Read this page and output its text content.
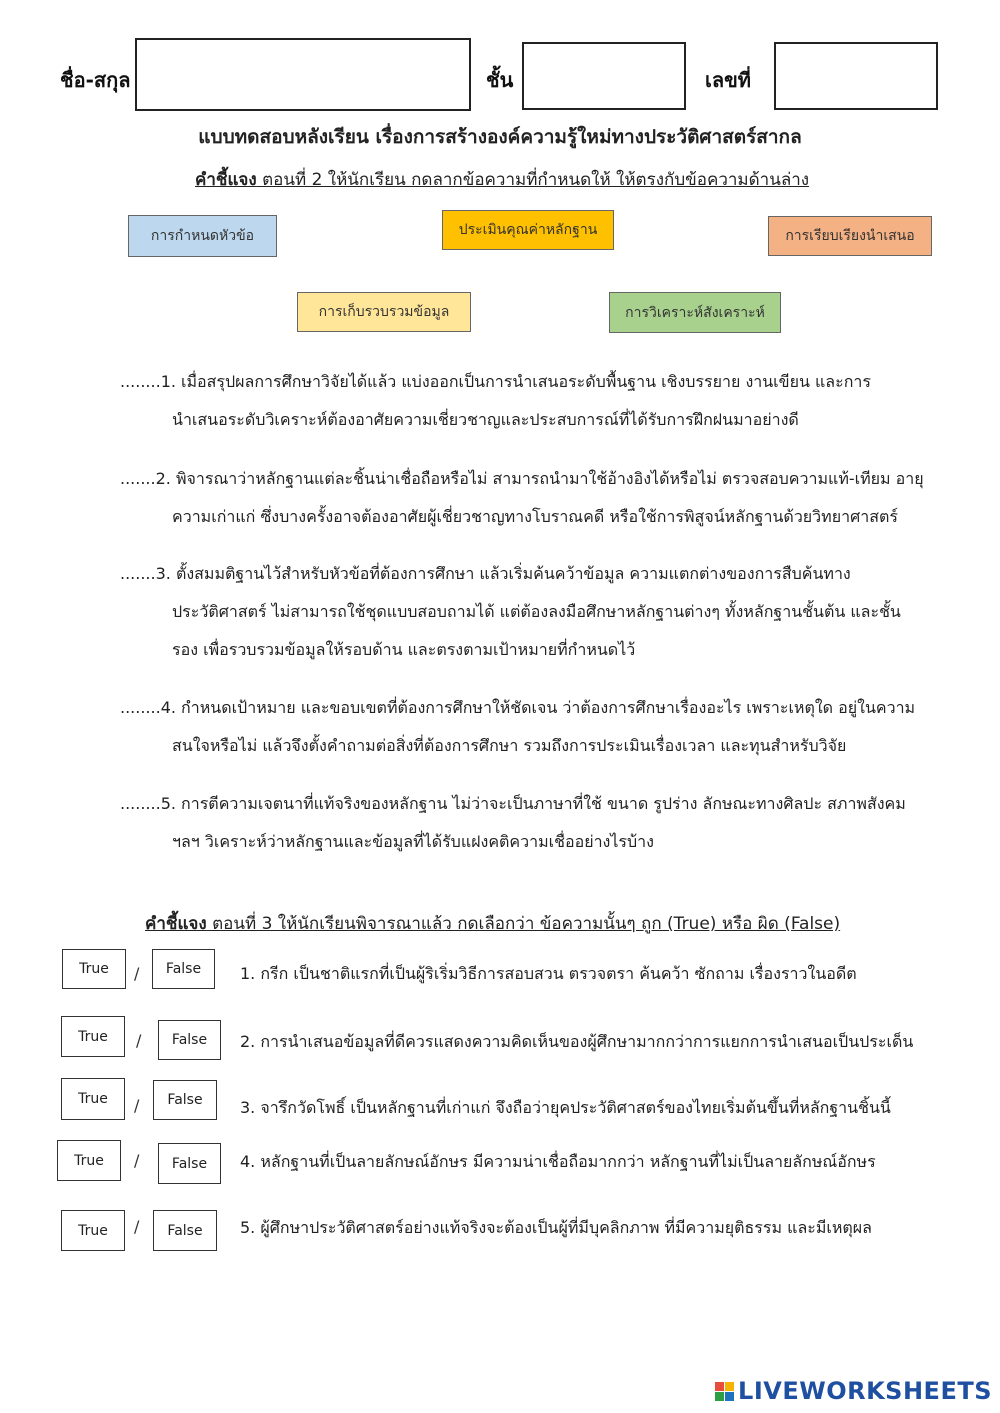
ชื่อ-สกุล	ชั้น	เลขที่
แบบทดสอบหลังเรียน เรื่องการสร้างองค์ความรู้ใหม่ทางประวัติศาสตร์สากล
คำชี้แจง ตอนที่ 2 ให้นักเรียน กดลากข้อความที่กำหนดให้ ให้ตรงกับข้อความด้านล่าง
การกำหนดหัวข้อ	ประเมินคุณค่าหลักฐาน	การเรียบเรียงนำเสนอ
การเก็บรวบรวมข้อมูล	การวิเคราะห์สังเคราะห์
........1. เมื่อสรุปผลการศึกษาวิจัยได้แล้ว แบ่งออกเป็นการนำเสนอระดับพื้นฐาน เชิงบรรยาย งานเขียน และการ
นำเสนอระดับวิเคราะห์ต้องอาศัยความเชี่ยวชาญและประสบการณ์ที่ได้รับการฝึกฝนมาอย่างดี
.......2. พิจารณาว่าหลักฐานแต่ละชิ้นน่าเชื่อถือหรือไม่ สามารถนำมาใช้อ้างอิงได้หรือไม่ ตรวจสอบความแท้-เทียม อายุ
ความเก่าแก่ ซึ่งบางครั้งอาจต้องอาศัยผู้เชี่ยวชาญทางโบราณคดี หรือใช้การพิสูจน์หลักฐานด้วยวิทยาศาสตร์
.......3. ตั้งสมมติฐานไว้สำหรับหัวข้อที่ต้องการศึกษา แล้วเริ่มค้นคว้าข้อมูล ความแตกต่างของการสืบค้นทาง
ประวัติศาสตร์ ไม่สามารถใช้ชุดแบบสอบถามได้ แต่ต้องลงมือศึกษาหลักฐานต่างๆ ทั้งหลักฐานชั้นต้น และชั้น
รอง เพื่อรวบรวมข้อมูลให้รอบด้าน และตรงตามเป้าหมายที่กำหนดไว้
........4. กำหนดเป้าหมาย และขอบเขตที่ต้องการศึกษาให้ชัดเจน ว่าต้องการศึกษาเรื่องอะไร เพราะเหตุใด อยู่ในความ
สนใจหรือไม่ แล้วจึงตั้งคำถามต่อสิ่งที่ต้องการศึกษา รวมถึงการประเมินเรื่องเวลา และทุนสำหรับวิจัย
........5. การตีความเจตนาที่แท้จริงของหลักฐาน ไม่ว่าจะเป็นภาษาที่ใช้ ขนาด รูปร่าง ลักษณะทางศิลปะ สภาพสังคม
ฯลฯ วิเคราะห์ว่าหลักฐานและข้อมูลที่ได้รับแฝงคติความเชื่ออย่างไรบ้าง
คำชี้แจง ตอนที่ 3 ให้นักเรียนพิจารณาแล้ว กดเลือกว่า ข้อความนั้นๆ ถูก (True) หรือ ผิด (False)
True	/	False	1. กรีก เป็นชาติแรกที่เป็นผู้ริเริ่มวิธีการสอบสวน ตรวจตรา ค้นคว้า ซักถาม เรื่องราวในอดีต
True	/	False	2. การนำเสนอข้อมูลที่ดีควรแสดงความคิดเห็นของผู้ศึกษามากกว่าการแยกการนำเสนอเป็นประเด็น
True	/	False	3. จารึกวัดโพธิ์ เป็นหลักฐานที่เก่าแก่ จึงถือว่ายุคประวัติศาสตร์ของไทยเริ่มต้นขึ้นที่หลักฐานชิ้นนี้
True	/	False	4. หลักฐานที่เป็นลายลักษณ์อักษร มีความน่าเชื่อถือมากกว่า หลักฐานที่ไม่เป็นลายลักษณ์อักษร
True	/	False	5. ผู้ศึกษาประวัติศาสตร์อย่างแท้จริงจะต้องเป็นผู้ที่มีบุคลิกภาพ ที่มีความยุติธรรม และมีเหตุผล
LIVEWORKSHEETS
